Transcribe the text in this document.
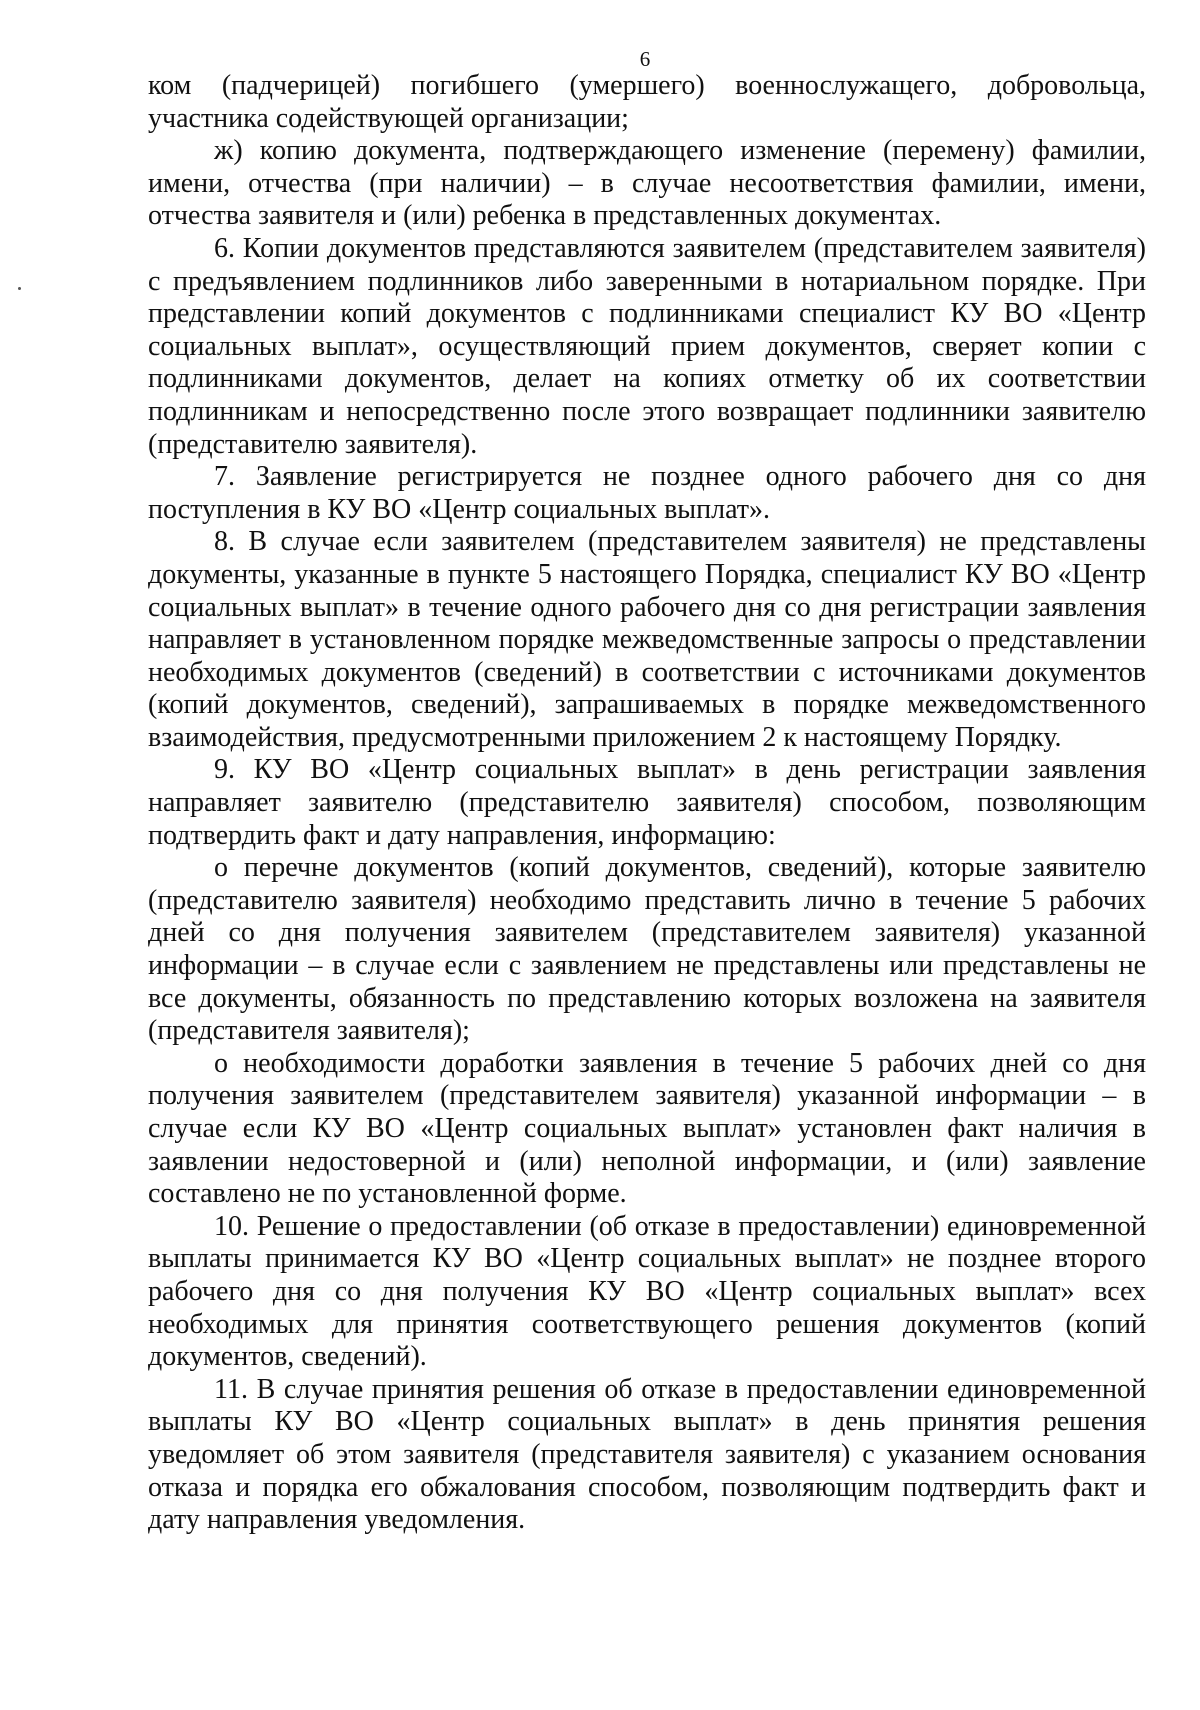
6

ком (падчерицей) погибшего (умершего) военнослужащего, добровольца, участника содействующей организации;

ж) копию документа, подтверждающего изменение (перемену) фамилии, имени, отчества (при наличии) – в случае несоответствия фамилии, имени, отчества заявителя и (или) ребенка в представленных документах.

6. Копии документов представляются заявителем (представителем заявителя) с предъявлением подлинников либо заверенными в нотариальном порядке. При представлении копий документов с подлинниками специалист КУ ВО «Центр социальных выплат», осуществляющий прием документов, сверяет копии с подлинниками документов, делает на копиях отметку об их соответствии подлинникам и непосредственно после этого возвращает подлинники заявителю (представителю заявителя).

7. Заявление регистрируется не позднее одного рабочего дня со дня поступления в КУ ВО «Центр социальных выплат».

8. В случае если заявителем (представителем заявителя) не представлены документы, указанные в пункте 5 настоящего Порядка, специалист КУ ВО «Центр социальных выплат» в течение одного рабочего дня со дня регистрации заявления направляет в установленном порядке межведомственные запросы о представлении необходимых документов (сведений) в соответствии с источниками документов (копий документов, сведений), запрашиваемых в порядке межведомственного взаимодействия, предусмотренными приложением 2 к настоящему Порядку.

9. КУ ВО «Центр социальных выплат» в день регистрации заявления направляет заявителю (представителю заявителя) способом, позволяющим подтвердить факт и дату направления, информацию:

о перечне документов (копий документов, сведений), которые заявителю (представителю заявителя) необходимо представить лично в течение 5 рабочих дней со дня получения заявителем (представителем заявителя) указанной информации – в случае если с заявлением не представлены или представлены не все документы, обязанность по представлению которых возложена на заявителя (представителя заявителя);

о необходимости доработки заявления в течение 5 рабочих дней со дня получения заявителем (представителем заявителя) указанной информации – в случае если КУ ВО «Центр социальных выплат» установлен факт наличия в заявлении недостоверной и (или) неполной информации, и (или) заявление составлено не по установленной форме.

10. Решение о предоставлении (об отказе в предоставлении) единовременной выплаты принимается КУ ВО «Центр социальных выплат» не позднее второго рабочего дня со дня получения КУ ВО «Центр социальных выплат» всех необходимых для принятия соответствующего решения документов (копий документов, сведений).

11. В случае принятия решения об отказе в предоставлении единовременной выплаты КУ ВО «Центр социальных выплат» в день принятия решения уведомляет об этом заявителя (представителя заявителя) с указанием основания отказа и порядка его обжалования способом, позволяющим подтвердить факт и дату направления уведомления.
